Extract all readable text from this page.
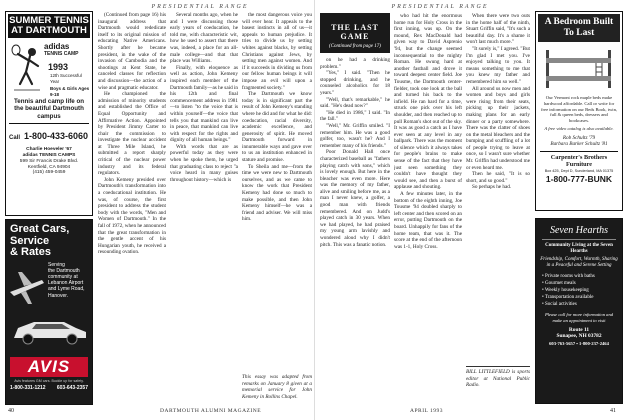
PRESIDENTIAL RANGE
SUMMER TENNIS
AT DARTMOUTH
adidas
TENNIS CAMP
1993
12th Successful Year
Boys & Girls Ages 9-18
Tennis and camp life on the beautiful Dartmouth campus
Call 1-800-433-6060
Charlie Hoeveler '67
adidas TENNIS CAMPS
599 Sir Francis Drake Blvd.
Kentfield, CA 94904
(415) 459-0459
Great Cars,
Service
& Rates
Serving
the Dartmouth
community at
Lebanon Airport
and Lyme Road,
Hanover.
AVIS
Avis features GM cars. Buckle up for safety.
1-800-331-1212 603-643-2357

(Continued from page 16) his inaugural address that Dartmouth would rededicate itself to its original mission of educating Native Americans. Shortly after he became president, in the wake of the invasion of Cambodia and the shootings at Kent State, he canceled classes for reflection and discussion—the action of a wise and pragmatic educator.

He championed the admission of minority students and established the Office of Equal Opportunity and Affirmative Action. Appointed by President Jimmy Carter to chair the commission to investigate the nuclear accident at Three Mile Island, he submitted a report sharply critical of the nuclear power industry and its federal regulators.

John Kemeny presided over Dartmouth's transformation into a coeducational institution. He was, of course, the first president to address the student body with the words, "Men and Women of Dartmouth." In the fall of 1972, when he announced that the great transformation in the gentle accent of his Hungarian youth, he received a resounding ovation.

Several months ago, when he and I were discussing those early years of coeducation, he told me, with characteristic wit, how he used to assert that there was, indeed, a place for an all-male college—and that that place was Williams.

Finally, with eloquence as well as action, John Kemeny inspired each member of the Dartmouth family—as he said in his 12th and final commencement address in 1981—to listen "to the voice that is within yourself—the voice that tells you that mankind can live in peace, that mankind can live with respect for the rights and dignity of all human beings."

With words that are as powerful today as they were when he spoke them, he urged that graduating class to reject "a voice heard in many guises throughout history—which is

the most dangerous voice you will ever hear. It appeals to the basest instincts in all of us—it appeals to human prejudice. It tries to divide us by setting whites against blacks, by setting Christians against Jews, by setting men against women. And if it succeeds in dividing us from our fellow human beings it will impose an evil will upon a fragmented society."

The Dartmouth we know today is in significant part the result of John Kemeny's standing where he did and for what he did: coeducation, racial diversity, academic excellence, and generosity of spirit. He moved Dartmouth forward in innumerable ways and gave over to us an institution enhanced in stature and promise.

To Sheila and me—from the time we were new to Dartmouth ourselves, and as we came to know the work that President Kemeny had done so much to make possible, and then John Kemeny himself—he was a friend and adviser. We will miss him.

This essay was adapted from remarks on January 8 given at a memorial service for John Kemeny in Rollins Chapel.
40	DARTMOUTH ALUMNI MAGAZINE
PRESIDENTIAL RANGE
THE LAST GAME
(Continued from page 17)

on he had a drinking problem."

"Yes," I said. "Then he stopped drinking, and he counseled alcoholics for 18 years."

"Well, that's remarkable," he said. "He's dead now?"

"He died in 1986," I said. "In the fall."

"Well," Mr. Griffin smiled. "I remember him. He was a good golfer, too, wasn't he? And I remember many of his friends."

Poor Donald Hall once characterized baseball as "fathers playing catch with sons," which is lovely enough. But here in the bleacher was even more. Here was the memory of my father, alive and smiling before me, as a man I never knew, a golfer, a good man with friends remembered. And on Judd's played catch in 30 years. When we had played, he had praised my young arm lavishly and wondered aloud why I didn't pitch. This was a fanatic notion.

who had hit the enormous home run for Holy Cross in the first inning, was up. On the mound, Rex MacDonald had given way to David Asprenio '94, but the change seemed inconsequential to the mighty Roman. He swung hard at another fastball and drove it toward deepest center field. Joe Tousme, the Dartmouth center-fielder, took one look at the ball and turned his back to the infield. He ran hard for a time, struck one pick over his left shoulder, and then reached up to pull Roman's shot out of the sky. It was as good a catch as I have ever seen at any level in any ballpark. There was the moment of silence which it always takes for people's brains to make sense of the fact that they have just seen something they couldn't have thought they would see, and then a burst of applause and shouting.

A few minutes later, in the bottom of the eighth inning, Joe Tousme '94 doubled sharply to left center and then scored on an error, putting Dartmouth on the board. Unhappily for fans of the home team, that was it. The score at the end of the afternoon was 1-1, Holy Cross.

When there were two outs in the home half of the ninth, Stuart Griffin said, "It's such a beautiful day. It's a shame it won't last much more."

"It surely is," I agreed. "But I'm glad I met you. I've enjoyed talking to you. It means something to me that you knew my father and remembered him so well."

All around us now men and women and boys and girls were rising from their seats, picking up their jackets, making plans for an early dinner or a party somewhere. There was the clatter of shoes on the metal bleachers and the bumping and scuffling of a lot of people trying to leave at once, so I wasn't sure whether Mr. Griffin had understood me or even heard me.

Then he said, "It is so short, and so good."

So perhaps he had.

BILL LITTLEFIELD is sports editor at National Public Radio.
A Bedroom Built
To Last
Our Vermont rock maple beds make hardwood affordable. Call or write for free information on our Beds Book, twin, full & queen beds, dressers and bookcases.
A free video catalog is also available.
Rob Schultz '79
Barbara Barker Schultz '81
Carpenter's Brothers
Furniture
Box 425, Dept D, Sunderland, MA 01375
1-800-777-BUNK
Seven Hearths
Community Living at the Seven Hearths
Friendship, Comfort, Warmth, Sharing in a Peaceful and Serene Setting
• Private rooms with baths
• Gourmet meals
• Weekly housekeeping
• Transportation available
• Social activities
Please call for more information and make an appointment to visit
Route 11
Sunapee, NH 03782
603-763-5657 • 1-800-237-2464
APRIL 1993	41
